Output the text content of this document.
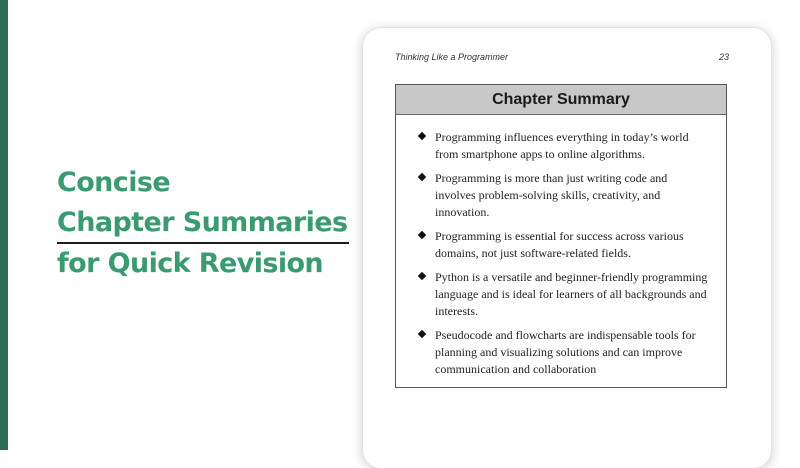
Concise
Chapter Summaries
for Quick Revision
Thinking Like a Programmer	23
Chapter Summary
Programming influences everything in today’s world from smartphone apps to online algorithms.
Programming is more than just writing code and involves problem-solving skills, creativity, and innovation.
Programming is essential for success across various domains, not just software-related fields.
Python is a versatile and beginner-friendly programming language and is ideal for learners of all backgrounds and interests.
Pseudocode and flowcharts are indispensable tools for planning and visualizing solutions and can improve communication and collaboration
